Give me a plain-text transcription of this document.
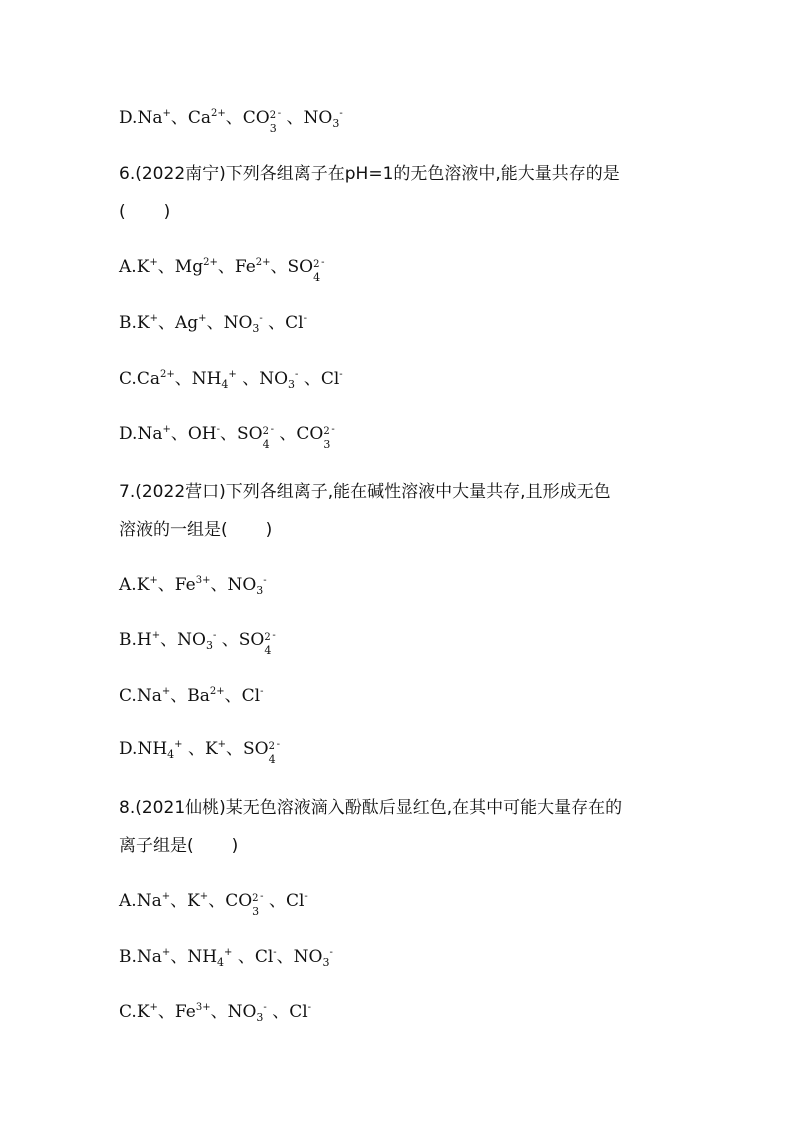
D.Na+、$Ca^{2+}$、CO 2
3
- 、$NO_3^-$
6.(2022南宁)下列各组离子在pH=1的无色溶液中,能大量共存的是
( )
A.K+、$Mg^{2+}$、$Fe^{2+}$、SO 2
4
-
B.K+、Ag+、$NO_3^-$ 、Cl-
$C.Ca^{2+}$、$NH_4^+$ 、$NO_3^-$ 、Cl-
D.Na+、OH-、SO 2
4
- 、CO 2
3
-
7.(2022营口)下列各组离子,能在碱性溶液中大量共存,且形成无色
溶液的一组是( )
A.K+、$Fe^{3+}$、$NO_3^-$
B.H+、$NO_3^-$ 、SO 2
4
-
C.Na+、$Ba^{2+}$、Cl-
$D.NH_4^+$ 、K+、SO 2
4
-
8.(2021仙桃)某无色溶液滴入酚酞后显红色,在其中可能大量存在的
离子组是( )
A.Na+、K+、CO 2
3
- 、Cl-
B.Na+、$NH_4^+$ 、Cl-、$NO_3^-$
C.K+、$Fe^{3+}$、$NO_3^-$ 、Cl-
